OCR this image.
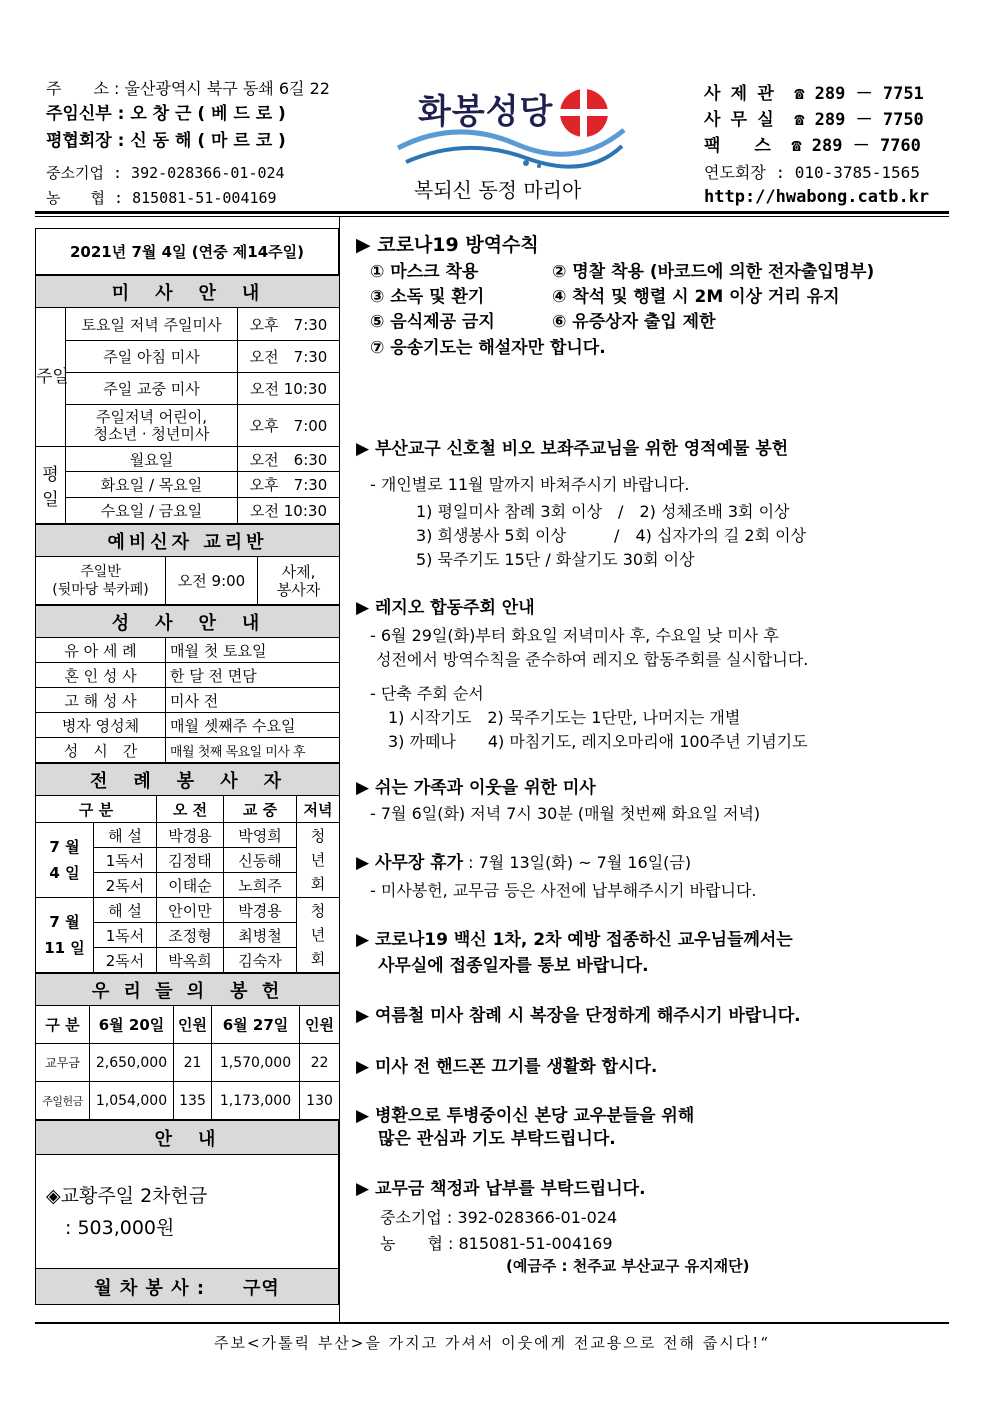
주　　소 : 울산광역시 북구 동쇄 6길 22
주임신부 : 오 창 근 ( 베 드 로 )
평협회장 : 신 동 해 ( 마 르 코 )
중소기업 : 392-028366-01-024
농　　협 : 815081-51-004169
화봉성당
복되신 동정 마리아
사 제 관  ☎ 289 － 7751
사 무 실  ☎ 289 － 7750
팩　　스  ☎ 289 － 7760
연도회장 : 010-3785-1565
http://hwabong.catb.kr
2021년 7월 4일 (연중 제14주일)
미　사　안　내		
주일	토요일 저녁 주일미사	오후　7:30
	주일 아침 미사	오전　7:30
	주일 교중 미사	오전 10:30
	주일저녁 어린이,
청소년 · 청년미사	오후　7:00
평일	월요일	오전　6:30
	화요일 / 목요일	오후　7:30
	수요일 / 금요일	오전 10:30
예비신자 교리반
주일반
(뒷마당 북카페)	오전 9:00	사제,
봉사자
성　사　안　내	
유 아 세 례	매월 첫 토요일
혼 인 성 사	한 달 전 면담
고 해 성 사	미사 전
병자 영성체	매월 셋째주 수요일
성　시　간	매월 첫째 목요일 미사 후
전　례　봉　사　자				
구 분		오 전	교 중	저녁
7 월
4 일	해 설	박경용	박영희	청
년
회
	1독서	김정태	신동해	
	2독서	이태순	노희주	
7 월
11 일	해 설	안이만	박경용	청
년
회
	1독서	조정형	최병철	
	2독서	박옥희	김숙자	
우 리 들 의　봉 헌				
구 분	6월 20일	인원	6월 27일	인원
교무금	2,650,000	21	1,570,000	22
주일헌금	1,054,000	135	1,173,000	130
안　내

◈교황주일 2차헌금
　: 503,000원

월 차 봉 사 :　　구역
▶ 코로나19 방역수칙
① 마스크 착용	② 명찰 착용 (바코드에 의한 전자출입명부)
③ 소독 및 환기	④ 착석 및 행렬 시 2M 이상 거리 유지
⑤ 음식제공 금지	⑥ 유증상자 출입 제한
⑦ 응송기도는 해설자만 합니다.
▶ 부산교구 신호철 비오 보좌주교님을 위한 영적예물 봉헌
- 개인별로 11월 말까지 바쳐주시기 바랍니다.
1) 평일미사 참례 3회 이상　/　2) 성체조배 3회 이상
3) 희생봉사 5회 이상　　　/　4) 십자가의 길 2회 이상
5) 묵주기도 15단 / 화살기도 30회 이상
▶ 레지오 합동주회 안내
- 6월 29일(화)부터 화요일 저녁미사 후, 수요일 낮 미사 후
성전에서 방역수칙을 준수하여 레지오 합동주회를 실시합니다.
- 단축 주회 순서
1) 시작기도　2) 묵주기도는 1단만, 나머지는 개별
3) 까떼나　　4) 마침기도, 레지오마리애 100주년 기념기도
▶ 쉬는 가족과 이웃을 위한 미사
- 7월 6일(화) 저녁 7시 30분 (매월 첫번째 화요일 저녁)
▶ 사무장 휴가 : 7월 13일(화) ~ 7월 16일(금)
- 미사봉헌, 교무금 등은 사전에 납부해주시기 바랍니다.
▶ 코로나19 백신 1차, 2차 예방 접종하신 교우님들께서는
사무실에 접종일자를 통보 바랍니다.
▶ 여름철 미사 참례 시 복장을 단정하게 해주시기 바랍니다.
▶ 미사 전 핸드폰 끄기를 생활화 합시다.
▶ 병환으로 투병중이신 본당 교우분들을 위해
많은 관심과 기도 부탁드립니다.
▶ 교무금 책정과 납부를 부탁드립니다.
중소기업 : 392-028366-01-024
농　　협 : 815081-51-004169
(예금주 : 천주교 부산교구 유지재단)
주보<가톨릭 부산>을 가지고 가셔서 이웃에게 전교용으로 전해 줍시다!“
